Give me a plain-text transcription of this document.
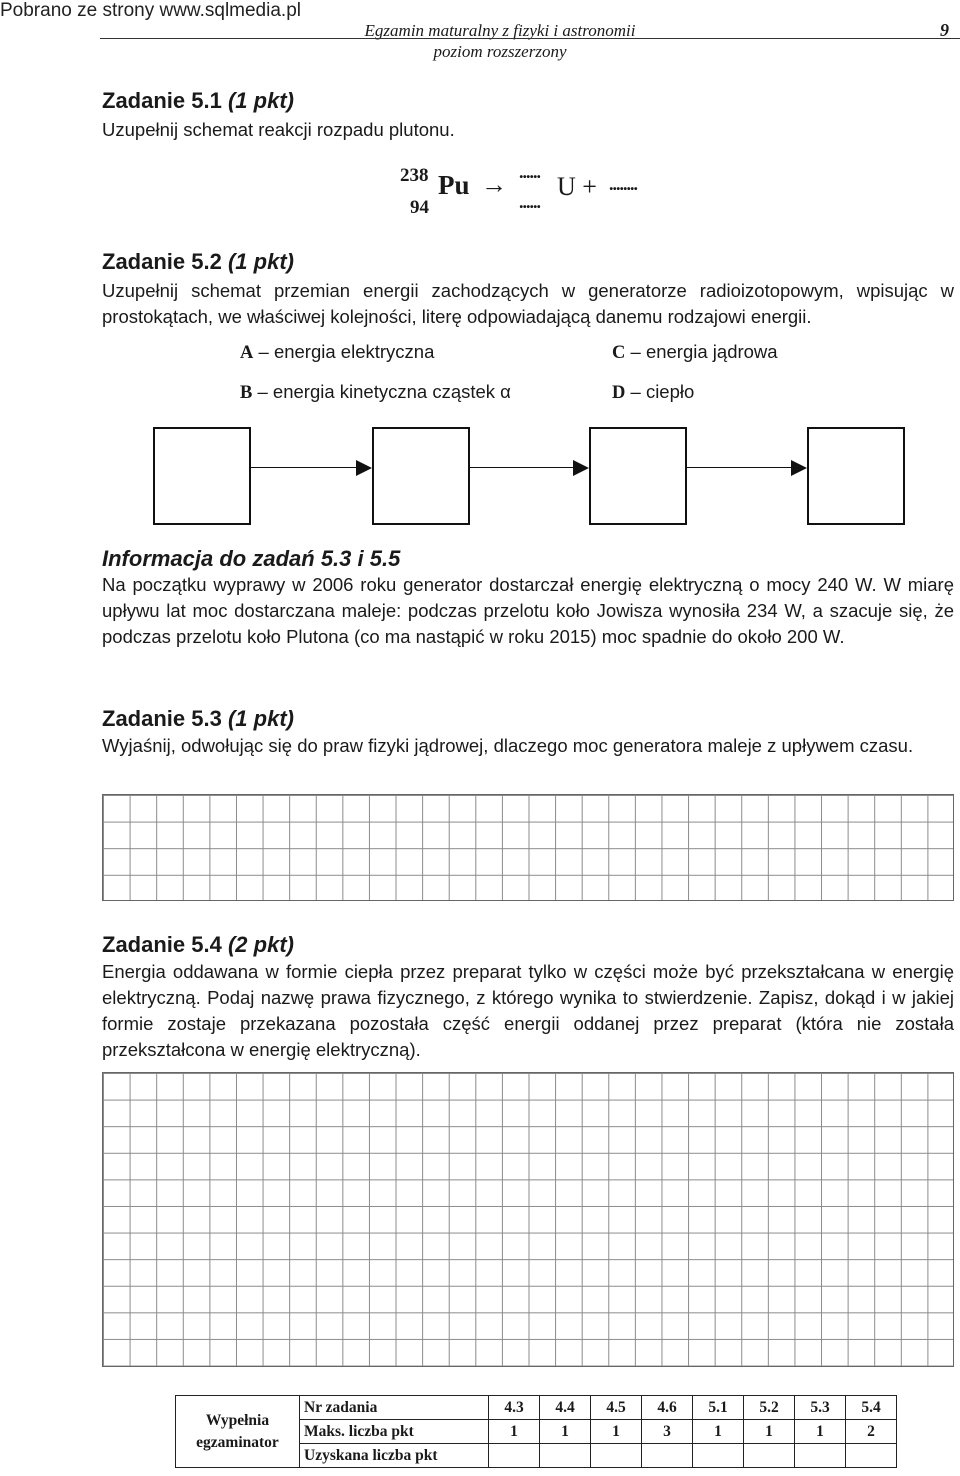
Pobrano ze strony www.sqlmedia.pl
Egzamin maturalny z fizyki i astronomii
poziom rozszerzony
9
Zadanie 5.1 (1 pkt)
Uzupełnij schemat reakcji rozpadu plutonu.
238
94
Pu → ......
......
U + ........
Zadanie 5.2 (1 pkt)
Uzupełnij schemat przemian energii zachodzących w generatorze radioizotopowym, wpisując w prostokątach, we właściwej kolejności, literę odpowiadającą danemu rodzajowi energii.
A – energia elektryczna	C – energia jądrowa
B – energia kinetyczna cząstek α	D – ciepło
Informacja do zadań 5.3 i 5.5
Na początku wyprawy w 2006 roku generator dostarczał energię elektryczną o mocy 240 W. W miarę upływu lat moc dostarczana maleje: podczas przelotu koło Jowisza wynosiła 234 W, a szacuje się, że podczas przelotu koło Plutona (co ma nastąpić w roku 2015) moc spadnie do około 200 W.
Zadanie 5.3 (1 pkt)
Wyjaśnij, odwołując się do praw fizyki jądrowej, dlaczego moc generatora maleje z upływem czasu.
Zadanie 5.4 (2 pkt)
Energia oddawana w formie ciepła przez preparat tylko w części może być przekształcana w energię elektryczną. Podaj nazwę prawa fizycznego, z którego wynika to stwierdzenie. Zapisz, dokąd i w jakiej formie zostaje przekazana pozostała część energii oddanej przez preparat (która nie została przekształcona w energię elektryczną).
Wypełnia
egzaminator	Nr zadania	4.3	4.4	4.5	4.6	5.1	5.2	5.3	5.4
	Maks. liczba pkt	1	1	1	3	1	1	1	2
	Uzyskana liczba pkt								
